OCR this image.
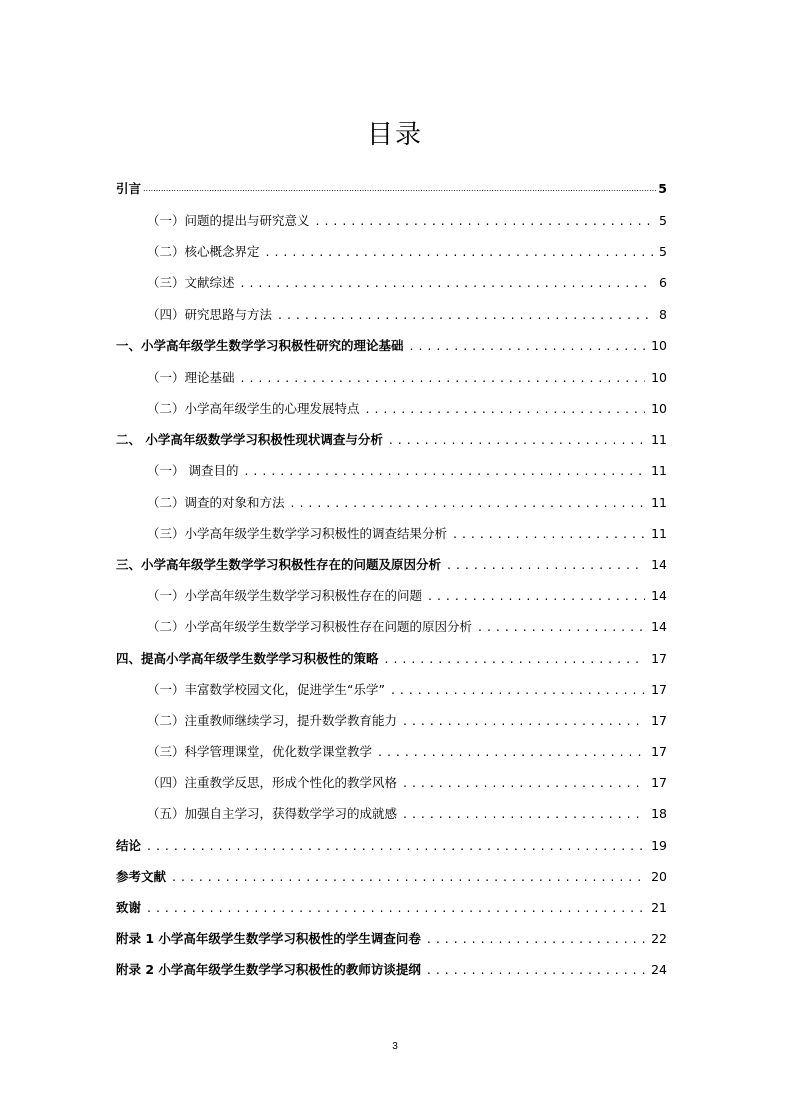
目录
引言 .....	5
（一）问题的提出与研究意义 . . .	5
（二）核心概念界定 . . .	5
（三）文献综述 . . .	6
（四）研究思路与方法 . . .	8
一、小学高年级学生数学学习积极性研究的理论基础 . . .	10
（一）理论基础 . . .	10
（二）小学高年级学生的心理发展特点 . . .	10
二、 小学高年级数学学习积极性现状调查与分析 . . .	11
（一） 调查目的 . . .	11
（二）调查的对象和方法 . . .	11
（三）小学高年级学生数学学习积极性的调查结果分析 . . .	11
三、小学高年级学生数学学习积极性存在的问题及原因分析 . . .	14
（一）小学高年级学生数学学习积极性存在的问题 . . .	14
（二）小学高年级学生数学学习积极性存在问题的原因分析 . . .	14
四、提高小学高年级学生数学学习积极性的策略 . . .	17
（一）丰富数学校园文化，促进学生“乐学” . . .	17
（二）注重教师继续学习，提升数学教育能力 . . .	17
（三）科学管理课堂，优化数学课堂教学 . . .	17
（四）注重教学反思，形成个性化的教学风格 . . .	17
（五）加强自主学习，获得数学学习的成就感 . . .	18
结论 . . .	19
参考文献 . . .	20
致谢 . . .	21
附录 1 小学高年级学生数学学习积极性的学生调查问卷 . . .	22
附录 2 小学高年级学生数学学习积极性的教师访谈提纲 . . .	24
3
